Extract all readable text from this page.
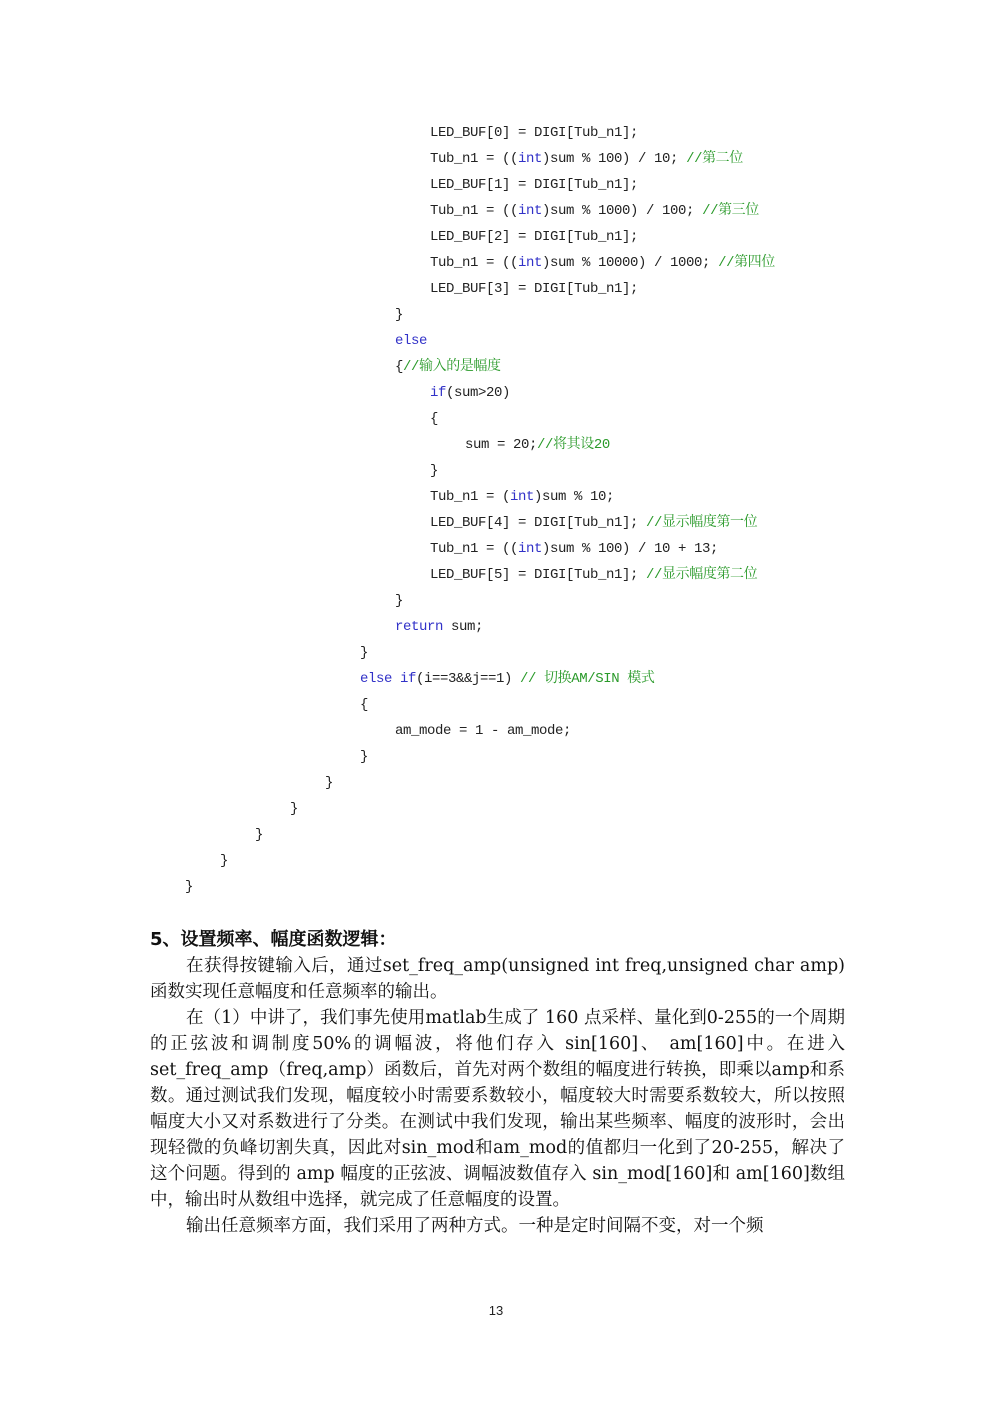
LED_BUF[0] = DIGI[Tub_n1];
Tub_n1 = ((int)sum % 100) / 10; //第二位
LED_BUF[1] = DIGI[Tub_n1];
Tub_n1 = ((int)sum % 1000) / 100; //第三位
LED_BUF[2] = DIGI[Tub_n1];
Tub_n1 = ((int)sum % 10000) / 1000; //第四位
LED_BUF[3] = DIGI[Tub_n1];
}
else
{//输入的是幅度
if(sum>20)
{
sum = 20;//将其设20
}
Tub_n1 = (int)sum % 10;
LED_BUF[4] = DIGI[Tub_n1]; //显示幅度第一位
Tub_n1 = ((int)sum % 100) / 10 + 13;
LED_BUF[5] = DIGI[Tub_n1]; //显示幅度第二位
}
return sum;
}
else if(i==3&&j==1) // 切换AM/SIN 模式
{
am_mode = 1 - am_mode;
}
}
}
}
}
}
5、设置频率、幅度函数逻辑：

在获得按键输入后，通过set_freq_amp(unsigned int freq,unsigned char amp)函数实现任意幅度和任意频率的输出。

在（1）中讲了，我们事先使用matlab生成了 160 点采样、量化到0-255的一个周期的正弦波和调制度50%的调幅波，将他们存入 sin[160]、 am[160]中。在进入 set_freq_amp（freq,amp）函数后，首先对两个数组的幅度进行转换，即乘以amp和系数。通过测试我们发现，幅度较小时需要系数较小，幅度较大时需要系数较大，所以按照幅度大小又对系数进行了分类。在测试中我们发现，输出某些频率、幅度的波形时，会出现轻微的负峰切割失真，因此对sin_mod和am_mod的值都归一化到了20-255，解决了这个问题。得到的 amp 幅度的正弦波、调幅波数值存入 sin_mod[160]和 am[160]数组中，输出时从数组中选择，就完成了任意幅度的设置。

输出任意频率方面，我们采用了两种方式。一种是定时间隔不变，对一个频

13
